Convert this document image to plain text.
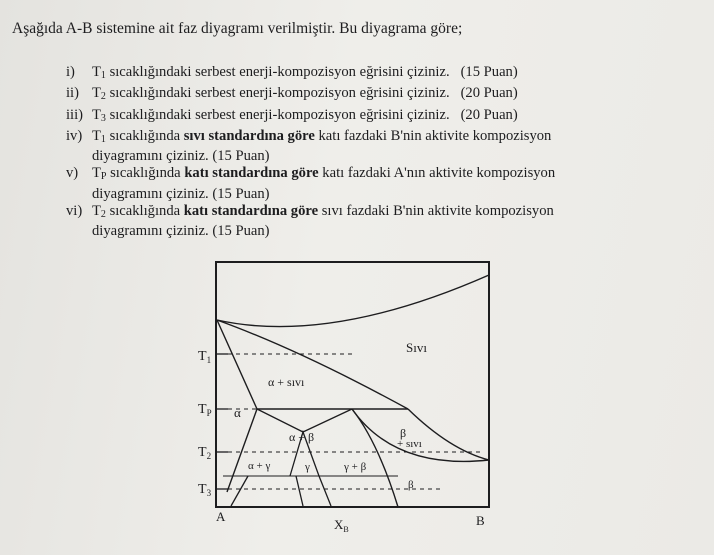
Aşağıda A-B sistemine ait faz diyagramı verilmiştir. Bu diyagrama göre;
i)	$T_1$ sıcaklığındaki serbest enerji-kompozisyon eğrisini çiziniz. (15 Puan)
ii) $T_2$ sıcaklığındaki serbest enerji-kompozisyon eğrisini çiziniz. (20 Puan)
iii) $T_3$ sıcaklığındaki serbest enerji-kompozisyon eğrisini çiziniz. (20 Puan)
iv) $T_1$ sıcaklığında sıvı standardına göre katı fazdaki B'nin aktivite kompozisyon
diyagramını çiziniz. (15 Puan)
v) $T_P$ sıcaklığında katı standardına göre katı fazdaki A'nın aktivite kompozisyon
diyagramını çiziniz. (15 Puan)
vi) $T_2$ sıcaklığında katı standardına göre sıvı fazdaki B'nin aktivite kompozisyon
diyagramını çiziniz. (15 Puan)
$T_1$
$T_P$
$T_2$
$T_3$
Sıvı
α + sıvı
α
α + β	β
+ sıvı
α + γ	γ	γ + β
β
A
$X_B$
B
